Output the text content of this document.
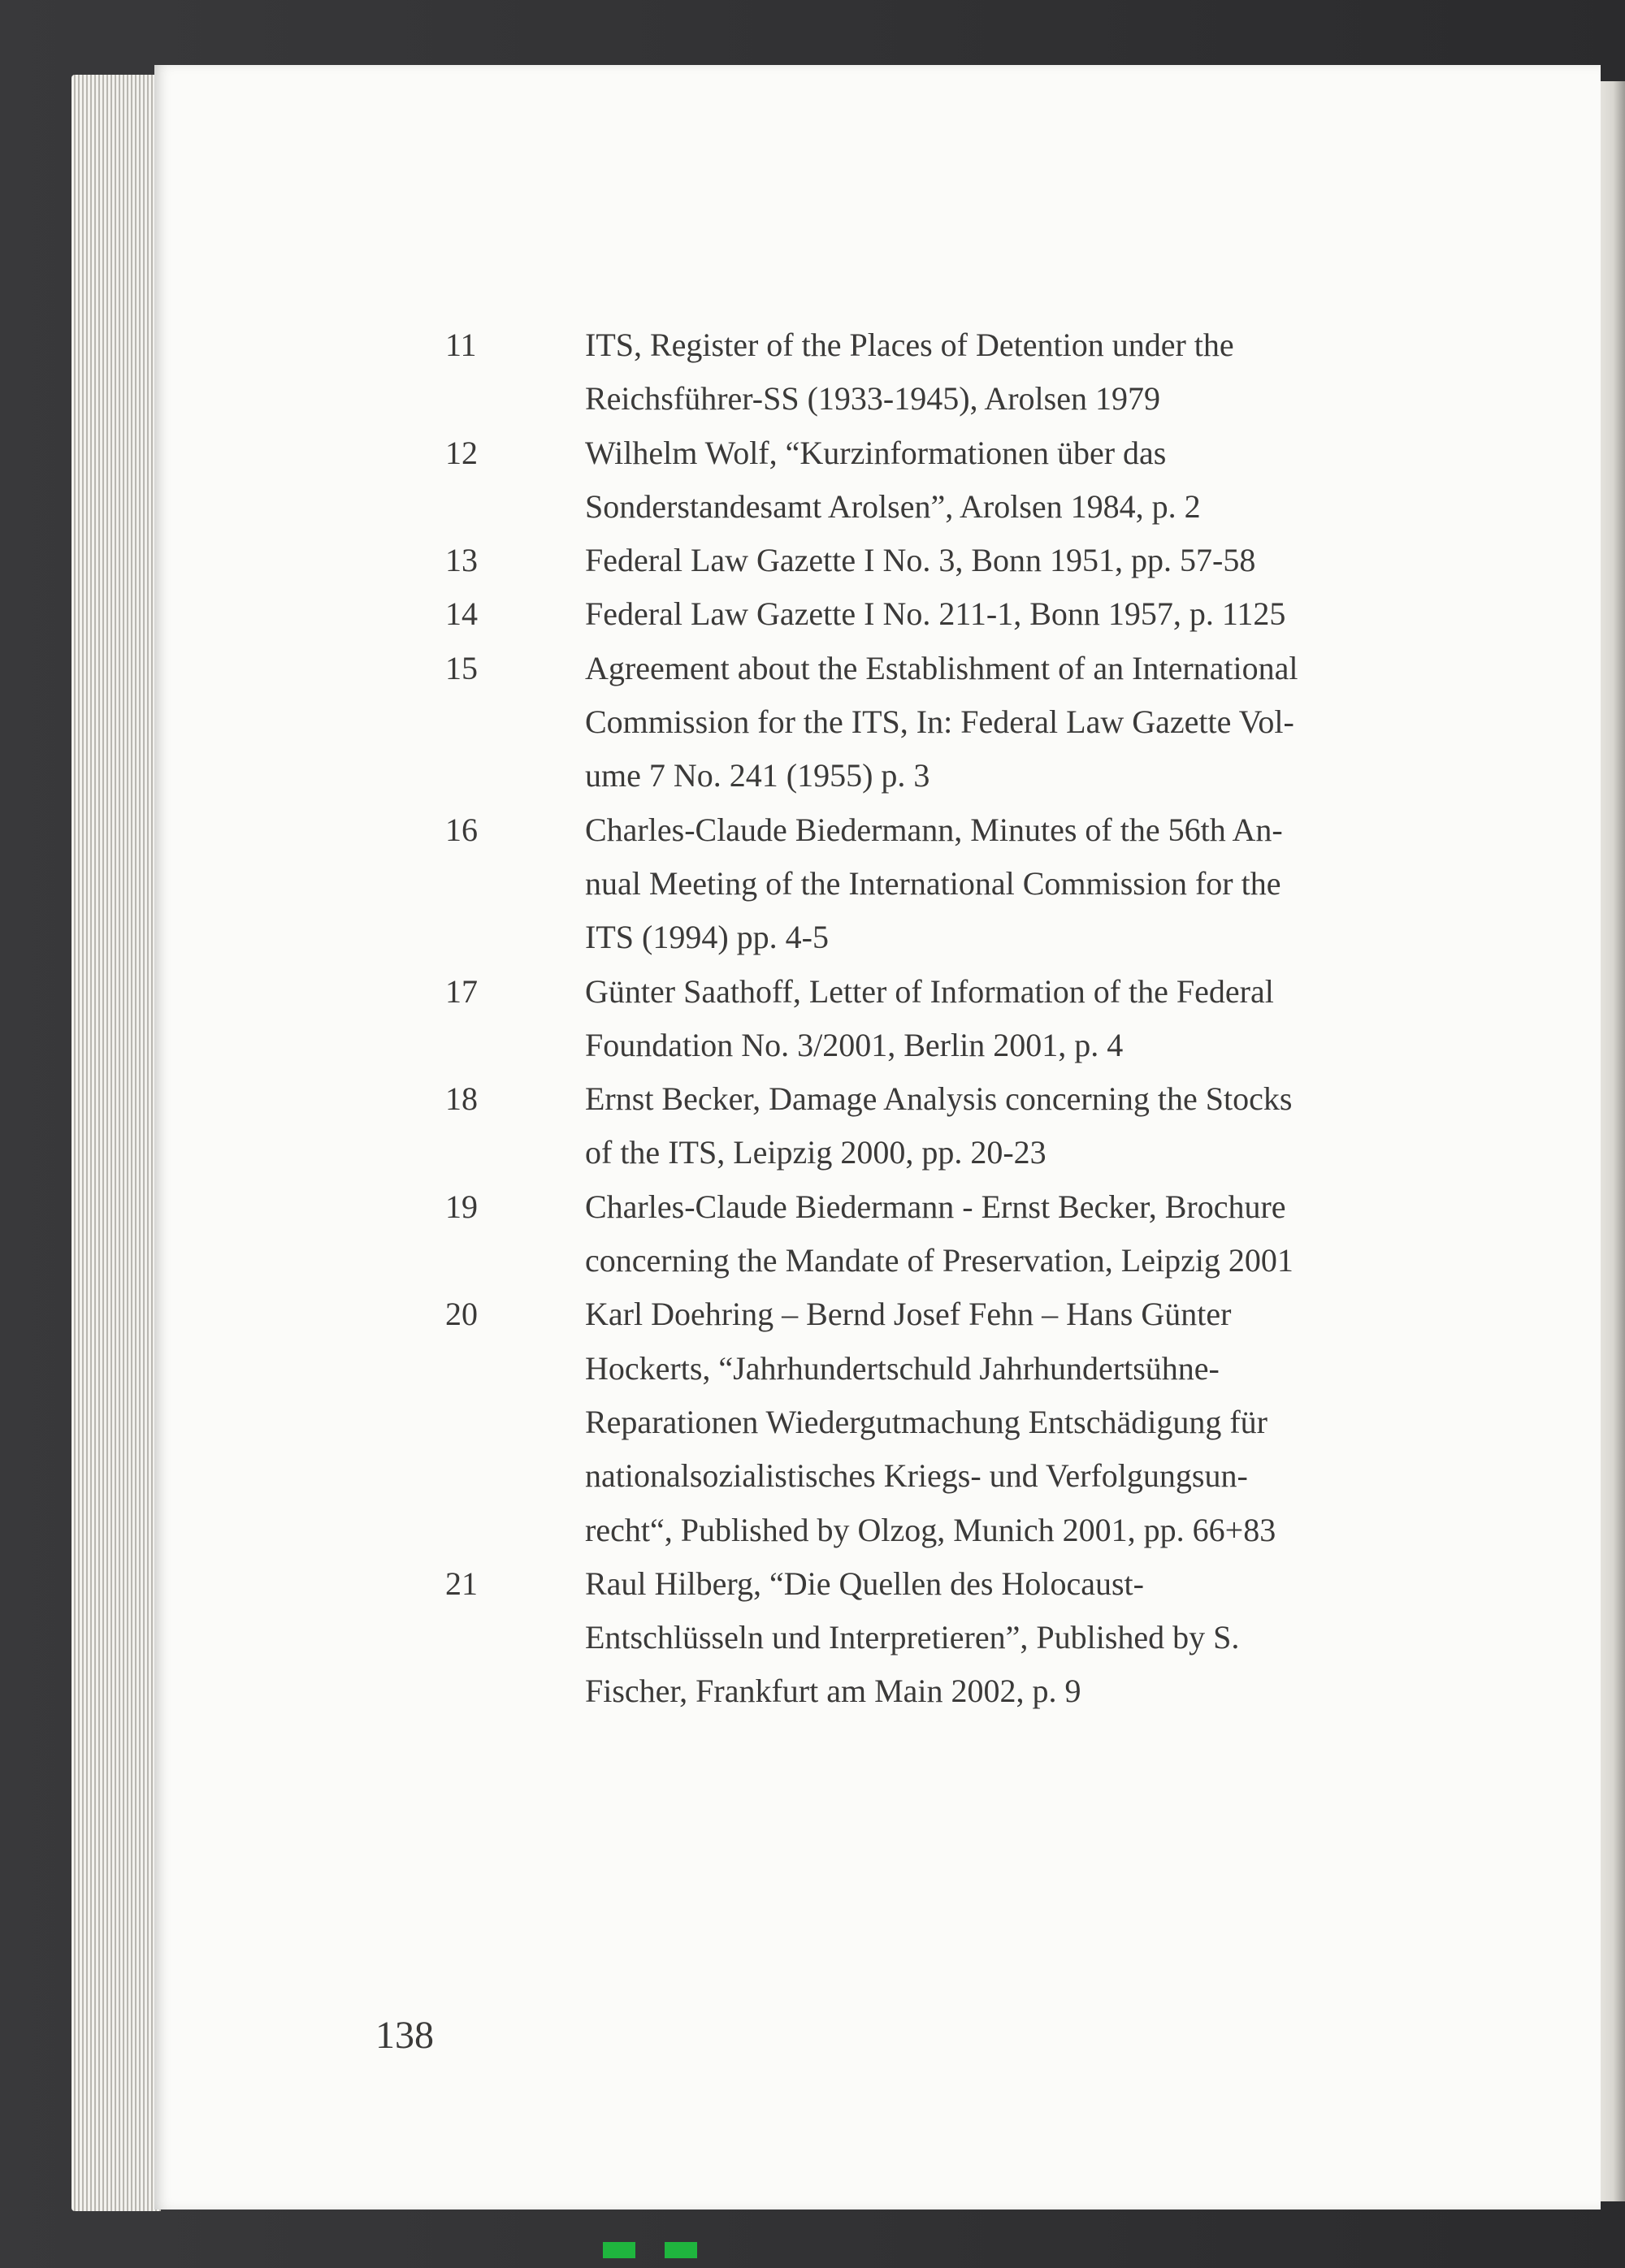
11	ITS, Register of the Places of Detention under the
Reichsführer-SS (1933-1945), Arolsen 1979
12	Wilhelm Wolf, “Kurzinformationen über das
Sonderstandesamt Arolsen”, Arolsen 1984, p. 2
13	Federal Law Gazette I No. 3, Bonn 1951, pp. 57-58
14	Federal Law Gazette I No. 211-1, Bonn 1957, p. 1125
15	Agreement about the Establishment of an International
Commission for the ITS, In: Federal Law Gazette Vol-
ume 7 No. 241 (1955) p. 3
16	Charles-Claude Biedermann, Minutes of the 56th An-
nual Meeting of the International Commission for the
ITS (1994) pp. 4-5
17	Günter Saathoff, Letter of Information of the Federal
Foundation No. 3/2001, Berlin 2001, p. 4
18	Ernst Becker, Damage Analysis concerning the Stocks
of the ITS, Leipzig 2000, pp. 20-23
19	Charles-Claude Biedermann - Ernst Becker, Brochure
concerning the Mandate of Preservation, Leipzig 2001
20	Karl Doehring – Bernd Josef Fehn – Hans Günter
Hockerts, “Jahrhundertschuld Jahrhundertsühne-
Reparationen Wiedergutmachung Entschädigung für
nationalsozialistisches Kriegs- und Verfolgungsun-
recht“, Published by Olzog, Munich 2001, pp. 66+83
21	Raul Hilberg, “Die Quellen des Holocaust-
Entschlüsseln und Interpretieren”, Published by S.
Fischer, Frankfurt am Main 2002, p. 9
138
